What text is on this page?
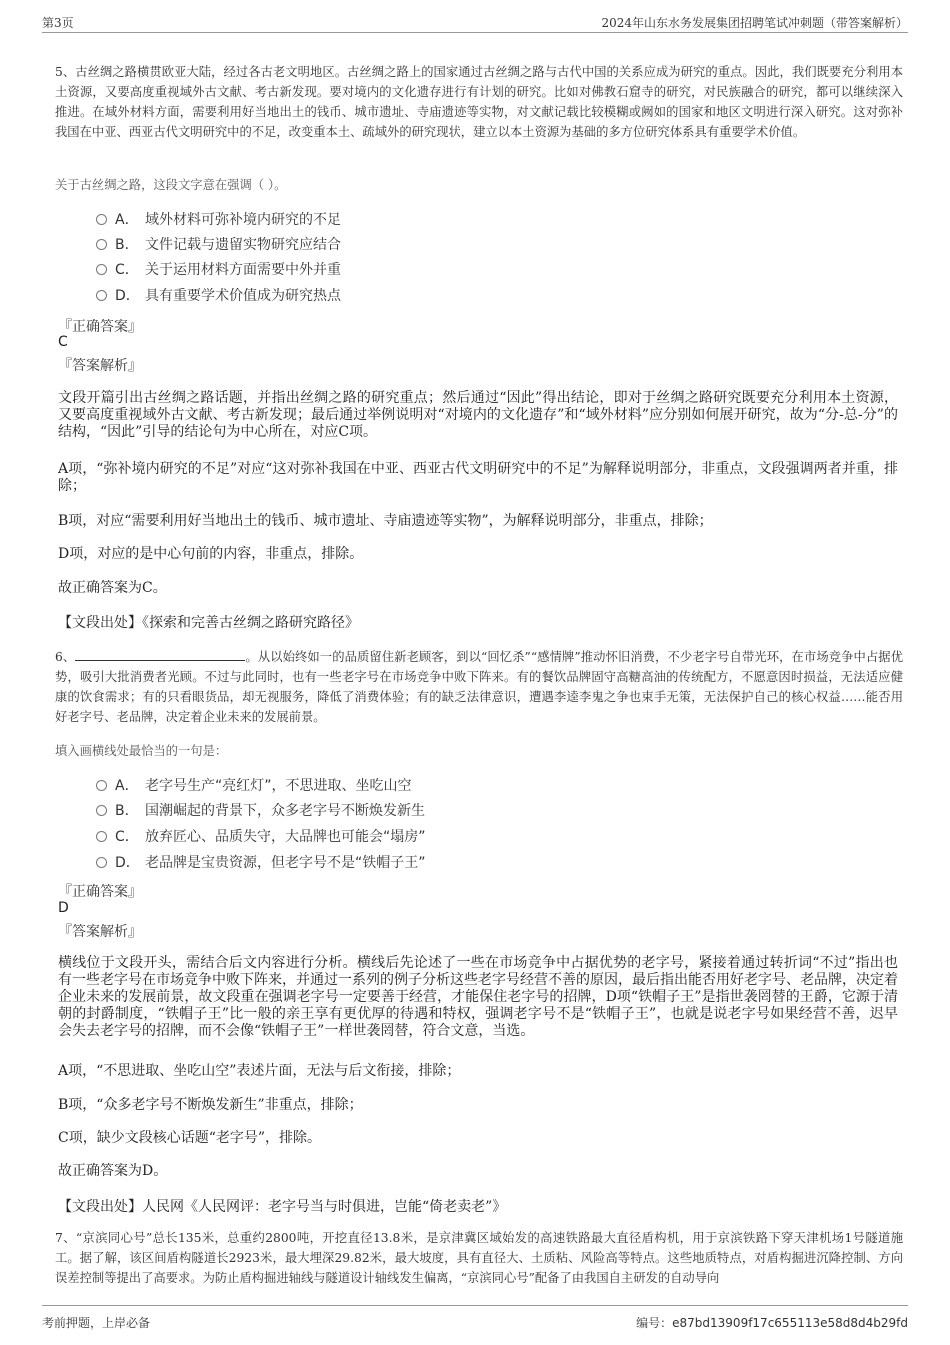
第3页	2024年山东水务发展集团招聘笔试冲刺题（带答案解析）
5、古丝绸之路横贯欧亚大陆，经过各古老文明地区。古丝绸之路上的国家通过古丝绸之路与古代中国的关系应成为研究的重点。因此，我们既要充分利用本土资源，又要高度重视域外古文献、考古新发现。要对境内的文化遗存进行有计划的研究。比如对佛教石窟寺的研究，对民族融合的研究，都可以继续深入推进。在域外材料方面，需要利用好当地出土的钱币、城市遗址、寺庙遗迹等实物，对文献记载比较模糊或阙如的国家和地区文明进行深入研究。这对弥补我国在中亚、西亚古代文明研究中的不足，改变重本土、疏域外的研究现状，建立以本土资源为基础的多方位研究体系具有重要学术价值。
关于古丝绸之路，这段文字意在强调（ ）。
A． 域外材料可弥补境内研究的不足
B． 文件记载与遗留实物研究应结合
C． 关于运用材料方面需要中外并重
D． 具有重要学术价值成为研究热点
『正确答案』
C
『答案解析』
文段开篇引出古丝绸之路话题，并指出丝绸之路的研究重点；然后通过“因此”得出结论，即对于丝绸之路研究既要充分利用本土资源，又要高度重视域外古文献、考古新发现；最后通过举例说明对“对境内的文化遗存”和“域外材料”应分别如何展开研究，故为“分-总-分”的结构，“因此”引导的结论句为中心所在，对应C项。
A项，“弥补境内研究的不足”对应“这对弥补我国在中亚、西亚古代文明研究中的不足”为解释说明部分，非重点，文段强调两者并重，排除；
B项，对应“需要利用好当地出土的钱币、城市遗址、寺庙遗迹等实物”，为解释说明部分，非重点，排除；
D项，对应的是中心句前的内容，非重点，排除。
故正确答案为C。
【文段出处】《探索和完善古丝绸之路研究路径》
6、	。从以始终如一的品质留住新老顾客，到以“回忆杀”“感情牌”推动怀旧消费，不少老字号自带光环，在市场竞争中占据优势，吸引大批消费者光顾。不过与此同时，也有一些老字号在市场竞争中败下阵来。有的餐饮品牌固守高糖高油的传统配方，不愿意因时损益，无法适应健康的饮食需求；有的只看眼货品，却无视服务，降低了消费体验；有的缺乏法律意识，遭遇李逵李鬼之争也束手无策，无法保护自己的核心权益……能否用好老字号、老品牌，决定着企业未来的发展前景。
填入画横线处最恰当的一句是：
A． 老字号生产“亮红灯”，不思进取、坐吃山空
B． 国潮崛起的背景下，众多老字号不断焕发新生
C． 放弃匠心、品质失守，大品牌也可能会“塌房”
D． 老品牌是宝贵资源，但老字号不是“铁帽子王”
『正确答案』
D
『答案解析』
横线位于文段开头，需结合后文内容进行分析。横线后先论述了一些在市场竞争中占据优势的老字号，紧接着通过转折词“不过”指出也有一些老字号在市场竞争中败下阵来，并通过一系列的例子分析这些老字号经营不善的原因，最后指出能否用好老字号、老品牌，决定着企业未来的发展前景，故文段重在强调老字号一定要善于经营，才能保住老字号的招牌，D项“铁帽子王”是指世袭罔替的王爵，它源于清朝的封爵制度，“铁帽子王”比一般的亲王享有更优厚的待遇和特权，强调老字号不是“铁帽子王”，也就是说老字号如果经营不善，迟早会失去老字号的招牌，而不会像“铁帽子王”一样世袭罔替，符合文意，当选。
A项，“不思进取、坐吃山空”表述片面，无法与后文衔接，排除；
B项，“众多老字号不断焕发新生”非重点，排除；
C项，缺少文段核心话题“老字号”，排除。
故正确答案为D。
【文段出处】人民网《人民网评：老字号当与时俱进，岂能“倚老卖老”》
7、“京滨同心号”总长135米，总重约2800吨，开挖直径13.8米，是京津冀区域始发的高速铁路最大直径盾构机，用于京滨铁路下穿天津机场1号隧道施工。据了解，该区间盾构隧道长2923米，最大埋深29.82米，最大坡度，具有直径大、土质粘、风险高等特点。这些地质特点，对盾构掘进沉降控制、方向误差控制等提出了高要求。为防止盾构掘进轴线与隧道设计轴线发生偏离，“京滨同心号”配备了由我国自主研发的自动导向
考前押题，上岸必备	编号：e87bd13909f17c655113e58d8d4b29fd
